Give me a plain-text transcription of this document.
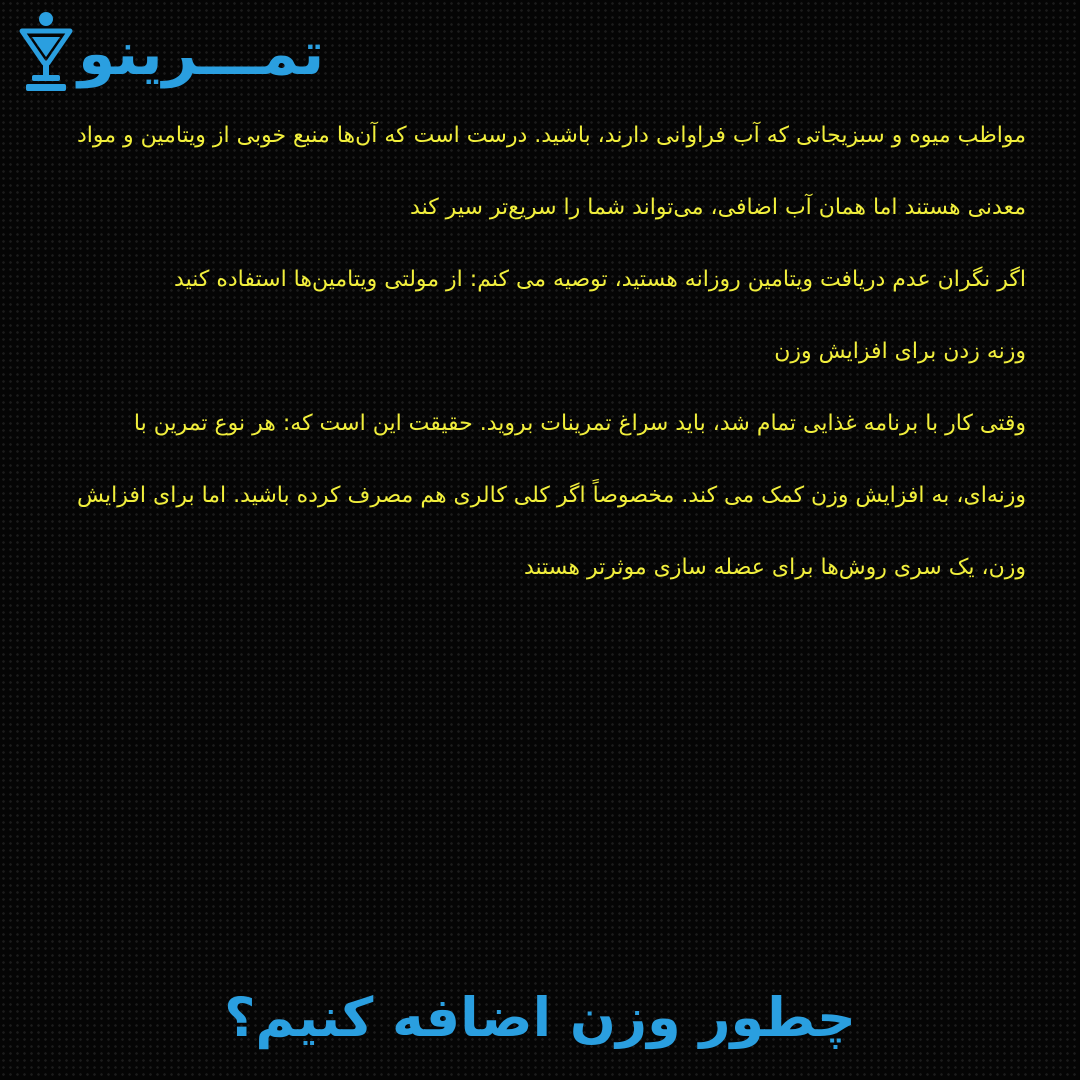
تمـــرینو

مواظب میوه و سبزیجاتی که آب فراوانی دارند، باشید. درست است که آن‌ها منبع خوبی از ویتامین و مواد معدنی هستند اما همان آب اضافی، می‌تواند شما را سریع‌تر سیر کند

اگر نگران عدم دریافت ویتامین روزانه هستید، توصیه می کنم: از مولتی ویتامین‌ها استفاده کنید

وزنه زدن برای افزایش وزن

وقتی کار با برنامه غذایی تمام شد، باید سراغ تمرینات بروید. حقیقت این است که: هر نوع تمرین با وزنه‌ای، به افزایش وزن کمک می کند. مخصوصاً اگر کلی کالری هم مصرف کرده باشید. اما برای افزایش وزن، یک سری روش‌ها برای عضله سازی موثرتر هستند

چطور وزن اضافه کنیم؟
